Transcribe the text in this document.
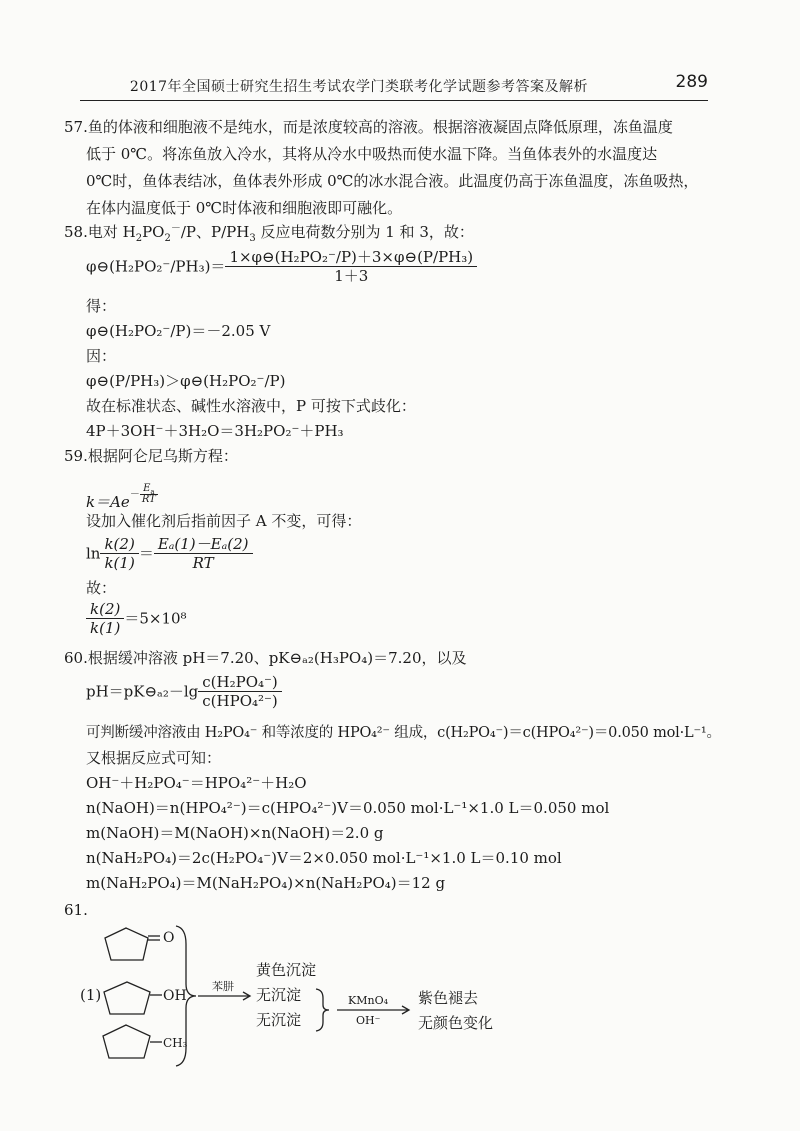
2017年全国硕士研究生招生考试农学门类联考化学试题参考答案及解析	289
57.鱼的体液和细胞液不是纯水，而是浓度较高的溶液。根据溶液凝固点降低原理，冻鱼温度
低于 0℃。将冻鱼放入冷水，其将从冷水中吸热而使水温下降。当鱼体表外的水温度达
0℃时，鱼体表结冰，鱼体表外形成 0℃的冰水混合液。此温度仍高于冻鱼温度，冻鱼吸热，
在体内温度低于 0℃时体液和细胞液即可融化。
58.电对 $H_2PO_2^-/P$、$P/PH_3$ 反应电荷数分别为 1 和 3，故：
φ⊖(H₂PO₂⁻/PH₃)＝ $\frac{\text{1×φ⊖(H₂PO₂⁻/P)＋3×φ⊖(P/PH₃)}}{1+3}$
得：
φ⊖(H₂PO₂⁻/P)＝－2.05 V
因：
φ⊖(P/PH₃)＞φ⊖(H₂PO₂⁻/P)
故在标准状态、碱性水溶液中，P 可按下式歧化：
4P＋3OH⁻＋3H₂O＝3H₂PO₂⁻＋PH₃
59.根据阿仑尼乌斯方程：
$k=Ae- \frac{E_a}{RT}$
设加入催化剂后指前因子 A 不变，可得：
$\ln \frac{k(2)}{k(1)} = \frac{\text{Eₐ(1)－Eₐ(2)}}{RT}$
故：
$\frac{k(2)}{k(1)} =5\times 10^8$
60.根据缓冲溶液 pH＝7.20、pK⊖ₐ₂(H₃PO₄)＝7.20，以及
pH＝pK⊖ₐ₂－lg $\frac{\text{c(H₂PO₄⁻)}}{\text{c(HPO₄²⁻)}}$
可判断缓冲溶液由 H₂PO₄⁻ 和等浓度的 HPO₄²⁻ 组成，c(H₂PO₄⁻)＝c(HPO₄²⁻)＝0.050 mol·L⁻¹。
又根据反应式可知：
OH⁻＋H₂PO₄⁻＝HPO₄²⁻＋H₂O
n(NaOH)＝n(HPO₄²⁻)＝c(HPO₄²⁻)V＝0.050 mol·L⁻¹×1.0 L＝0.050 mol
m(NaOH)＝M(NaOH)×n(NaOH)＝2.0 g
n(NaH₂PO₄)＝2c(H₂PO₄⁻)V＝2×0.050 mol·L⁻¹×1.0 L＝0.10 mol
m(NaH₂PO₄)＝M(NaH₂PO₄)×n(NaH₂PO₄)＝12 g
61.
O
OH
CH₃
(1)	苯肼
黄色沉淀
无沉淀
无沉淀
KMnO₄
OH⁻
紫色褪去
无颜色变化
